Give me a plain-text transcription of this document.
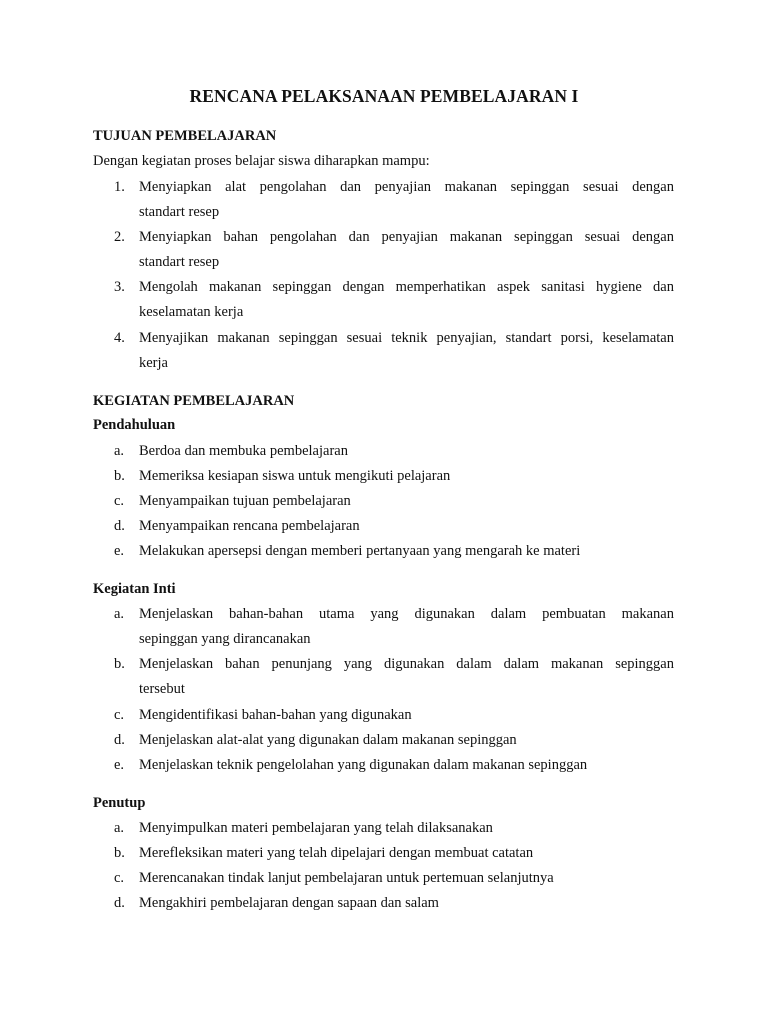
RENCANA PELAKSANAAN PEMBELAJARAN I
TUJUAN PEMBELAJARAN
Dengan kegiatan proses belajar siswa diharapkan mampu:
1. Menyiapkan alat pengolahan dan penyajian makanan sepinggan sesuai dengan
standart resep
2. Menyiapkan bahan pengolahan dan penyajian makanan sepinggan sesuai dengan
standart resep
3. Mengolah makanan sepinggan dengan memperhatikan aspek sanitasi hygiene dan
keselamatan kerja
4. Menyajikan makanan sepinggan sesuai teknik penyajian, standart porsi, keselamatan
kerja
KEGIATAN PEMBELAJARAN
Pendahuluan
a.	Berdoa dan membuka pembelajaran
b. Memeriksa kesiapan siswa untuk mengikuti pelajaran
c.	Menyampaikan tujuan pembelajaran
d. Menyampaikan rencana pembelajaran
e.	Melakukan apersepsi dengan memberi pertanyaan yang mengarah ke materi
Kegiatan Inti
a.	Menjelaskan bahan-bahan utama yang digunakan dalam pembuatan makanan
sepinggan yang dirancanakan
b. Menjelaskan bahan penunjang yang digunakan dalam dalam makanan sepinggan
tersebut
c.	Mengidentifikasi bahan-bahan yang digunakan
d. Menjelaskan alat-alat yang digunakan dalam makanan sepinggan
e.	Menjelaskan teknik pengelolahan yang digunakan dalam makanan sepinggan
Penutup
a.	Menyimpulkan materi pembelajaran yang telah dilaksanakan
b. Merefleksikan materi yang telah dipelajari dengan membuat catatan
c.	Merencanakan tindak lanjut pembelajaran untuk pertemuan selanjutnya
d. Mengakhiri pembelajaran dengan sapaan dan salam
